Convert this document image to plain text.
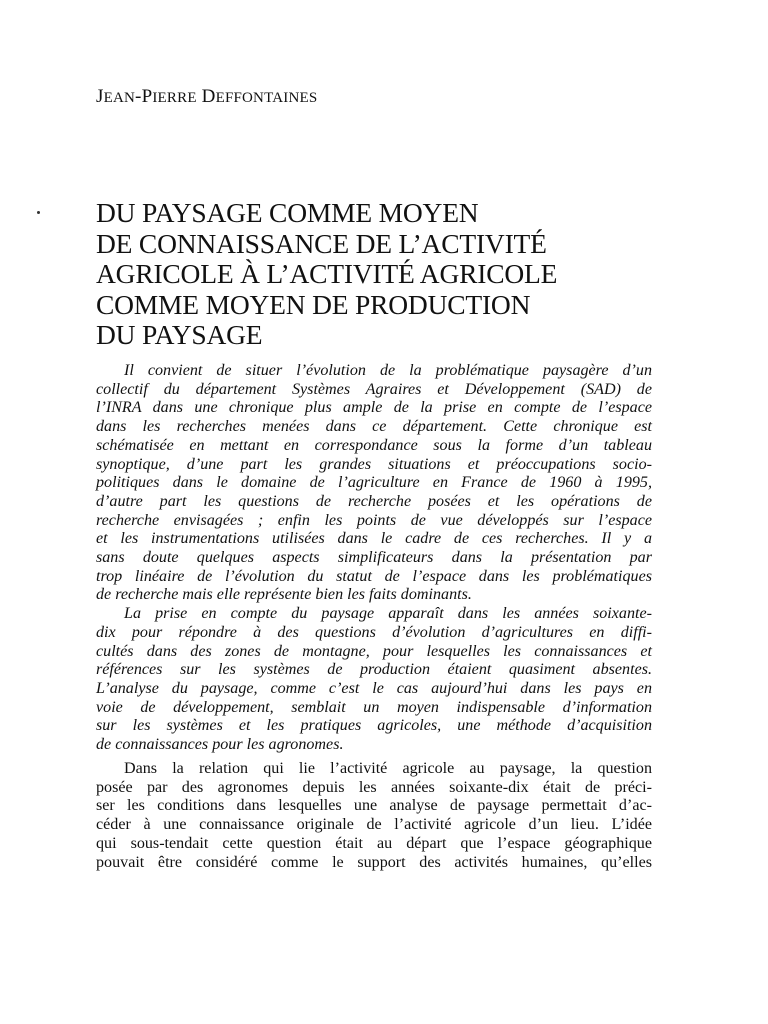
JEAN-PIERRE DEFFONTAINES
DU PAYSAGE COMME MOYEN
DE CONNAISSANCE DE L’ACTIVITÉ
AGRICOLE À L’ACTIVITÉ AGRICOLE
COMME MOYEN DE PRODUCTION
DU PAYSAGE
Il convient de situer l’évolution de la problématique paysagère d’un
collectif du département Systèmes Agraires et Développement (SAD) de
l’INRA dans une chronique plus ample de la prise en compte de l’espace
dans les recherches menées dans ce département. Cette chronique est
schématisée en mettant en correspondance sous la forme d’un tableau
synoptique, d’une part les grandes situations et préoccupations socio-
politiques dans le domaine de l’agriculture en France de 1960 à 1995,
d’autre part les questions de recherche posées et les opérations de
recherche envisagées ; enfin les points de vue développés sur l’espace
et les instrumentations utilisées dans le cadre de ces recherches. Il y a
sans doute quelques aspects simplificateurs dans la présentation par
trop linéaire de l’évolution du statut de l’espace dans les problématiques
de recherche mais elle représente bien les faits dominants.
La prise en compte du paysage apparaît dans les années soixante-
dix pour répondre à des questions d’évolution d’agricultures en diffi-
cultés dans des zones de montagne, pour lesquelles les connaissances et
références sur les systèmes de production étaient quasiment absentes.
L’analyse du paysage, comme c’est le cas aujourd’hui dans les pays en
voie de développement, semblait un moyen indispensable d’information
sur les systèmes et les pratiques agricoles, une méthode d’acquisition
de connaissances pour les agronomes.
Dans la relation qui lie l’activité agricole au paysage, la question
posée par des agronomes depuis les années soixante-dix était de préci-
ser les conditions dans lesquelles une analyse de paysage permettait d’ac-
céder à une connaissance originale de l’activité agricole d’un lieu. L’idée
qui sous-tendait cette question était au départ que l’espace géographique
pouvait être considéré comme le support des activités humaines, qu’elles
